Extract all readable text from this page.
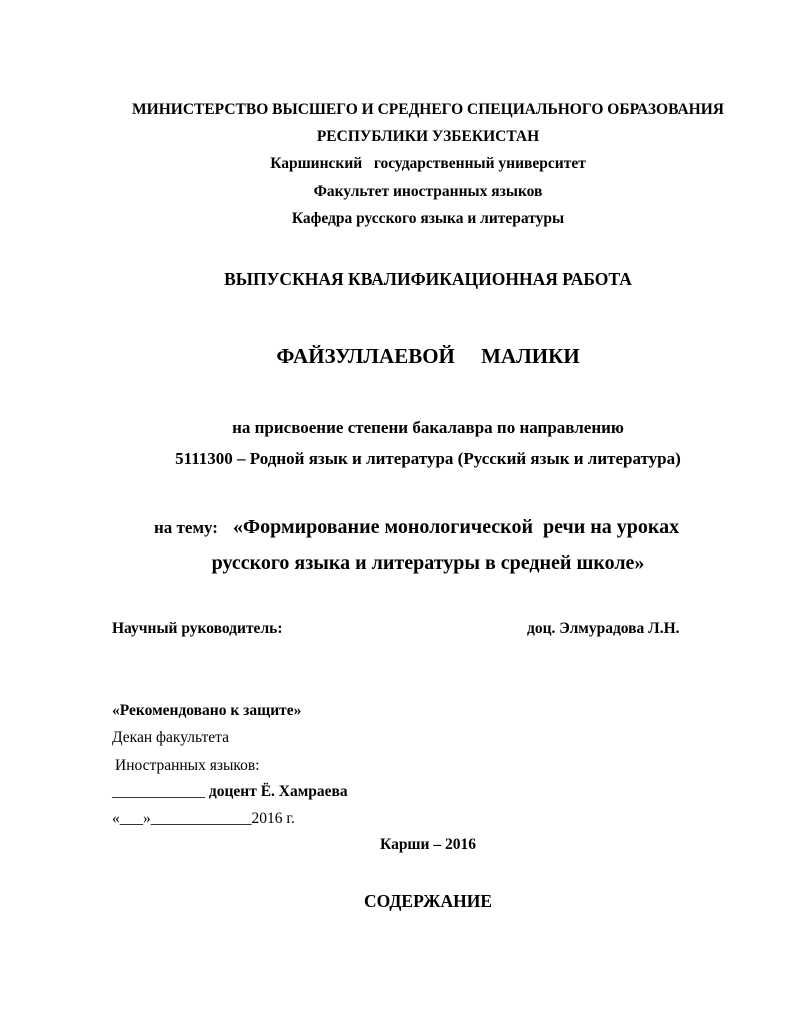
МИНИСТЕРСТВО ВЫСШЕГО И СРЕДНЕГО СПЕЦИАЛЬНОГО ОБРАЗОВАНИЯ
РЕСПУБЛИКИ УЗБЕКИСТАН
Каршинский   государственный университет
Факультет иностранных языков
Кафедра русского языка и литературы
ВЫПУСКНАЯ КВАЛИФИКАЦИОННАЯ РАБОТА
ФАЙЗУЛЛАЕВОЙ     МАЛИКИ
на присвоение степени бакалавра по направлению
5111300 – Родной язык и литература (Русский язык и литература)
на тему:   «Формирование монологической  речи на уроках
русского языка и литературы в средней школе»
Научный руководитель:	доц. Элмурадова Л.Н.
«Рекомендовано к защите»
Декан факультета
Иностранных языков:
____________ доцент Ё. Хамраева
«___»_____________2016 г.
Карши – 2016
СОДЕРЖАНИЕ
